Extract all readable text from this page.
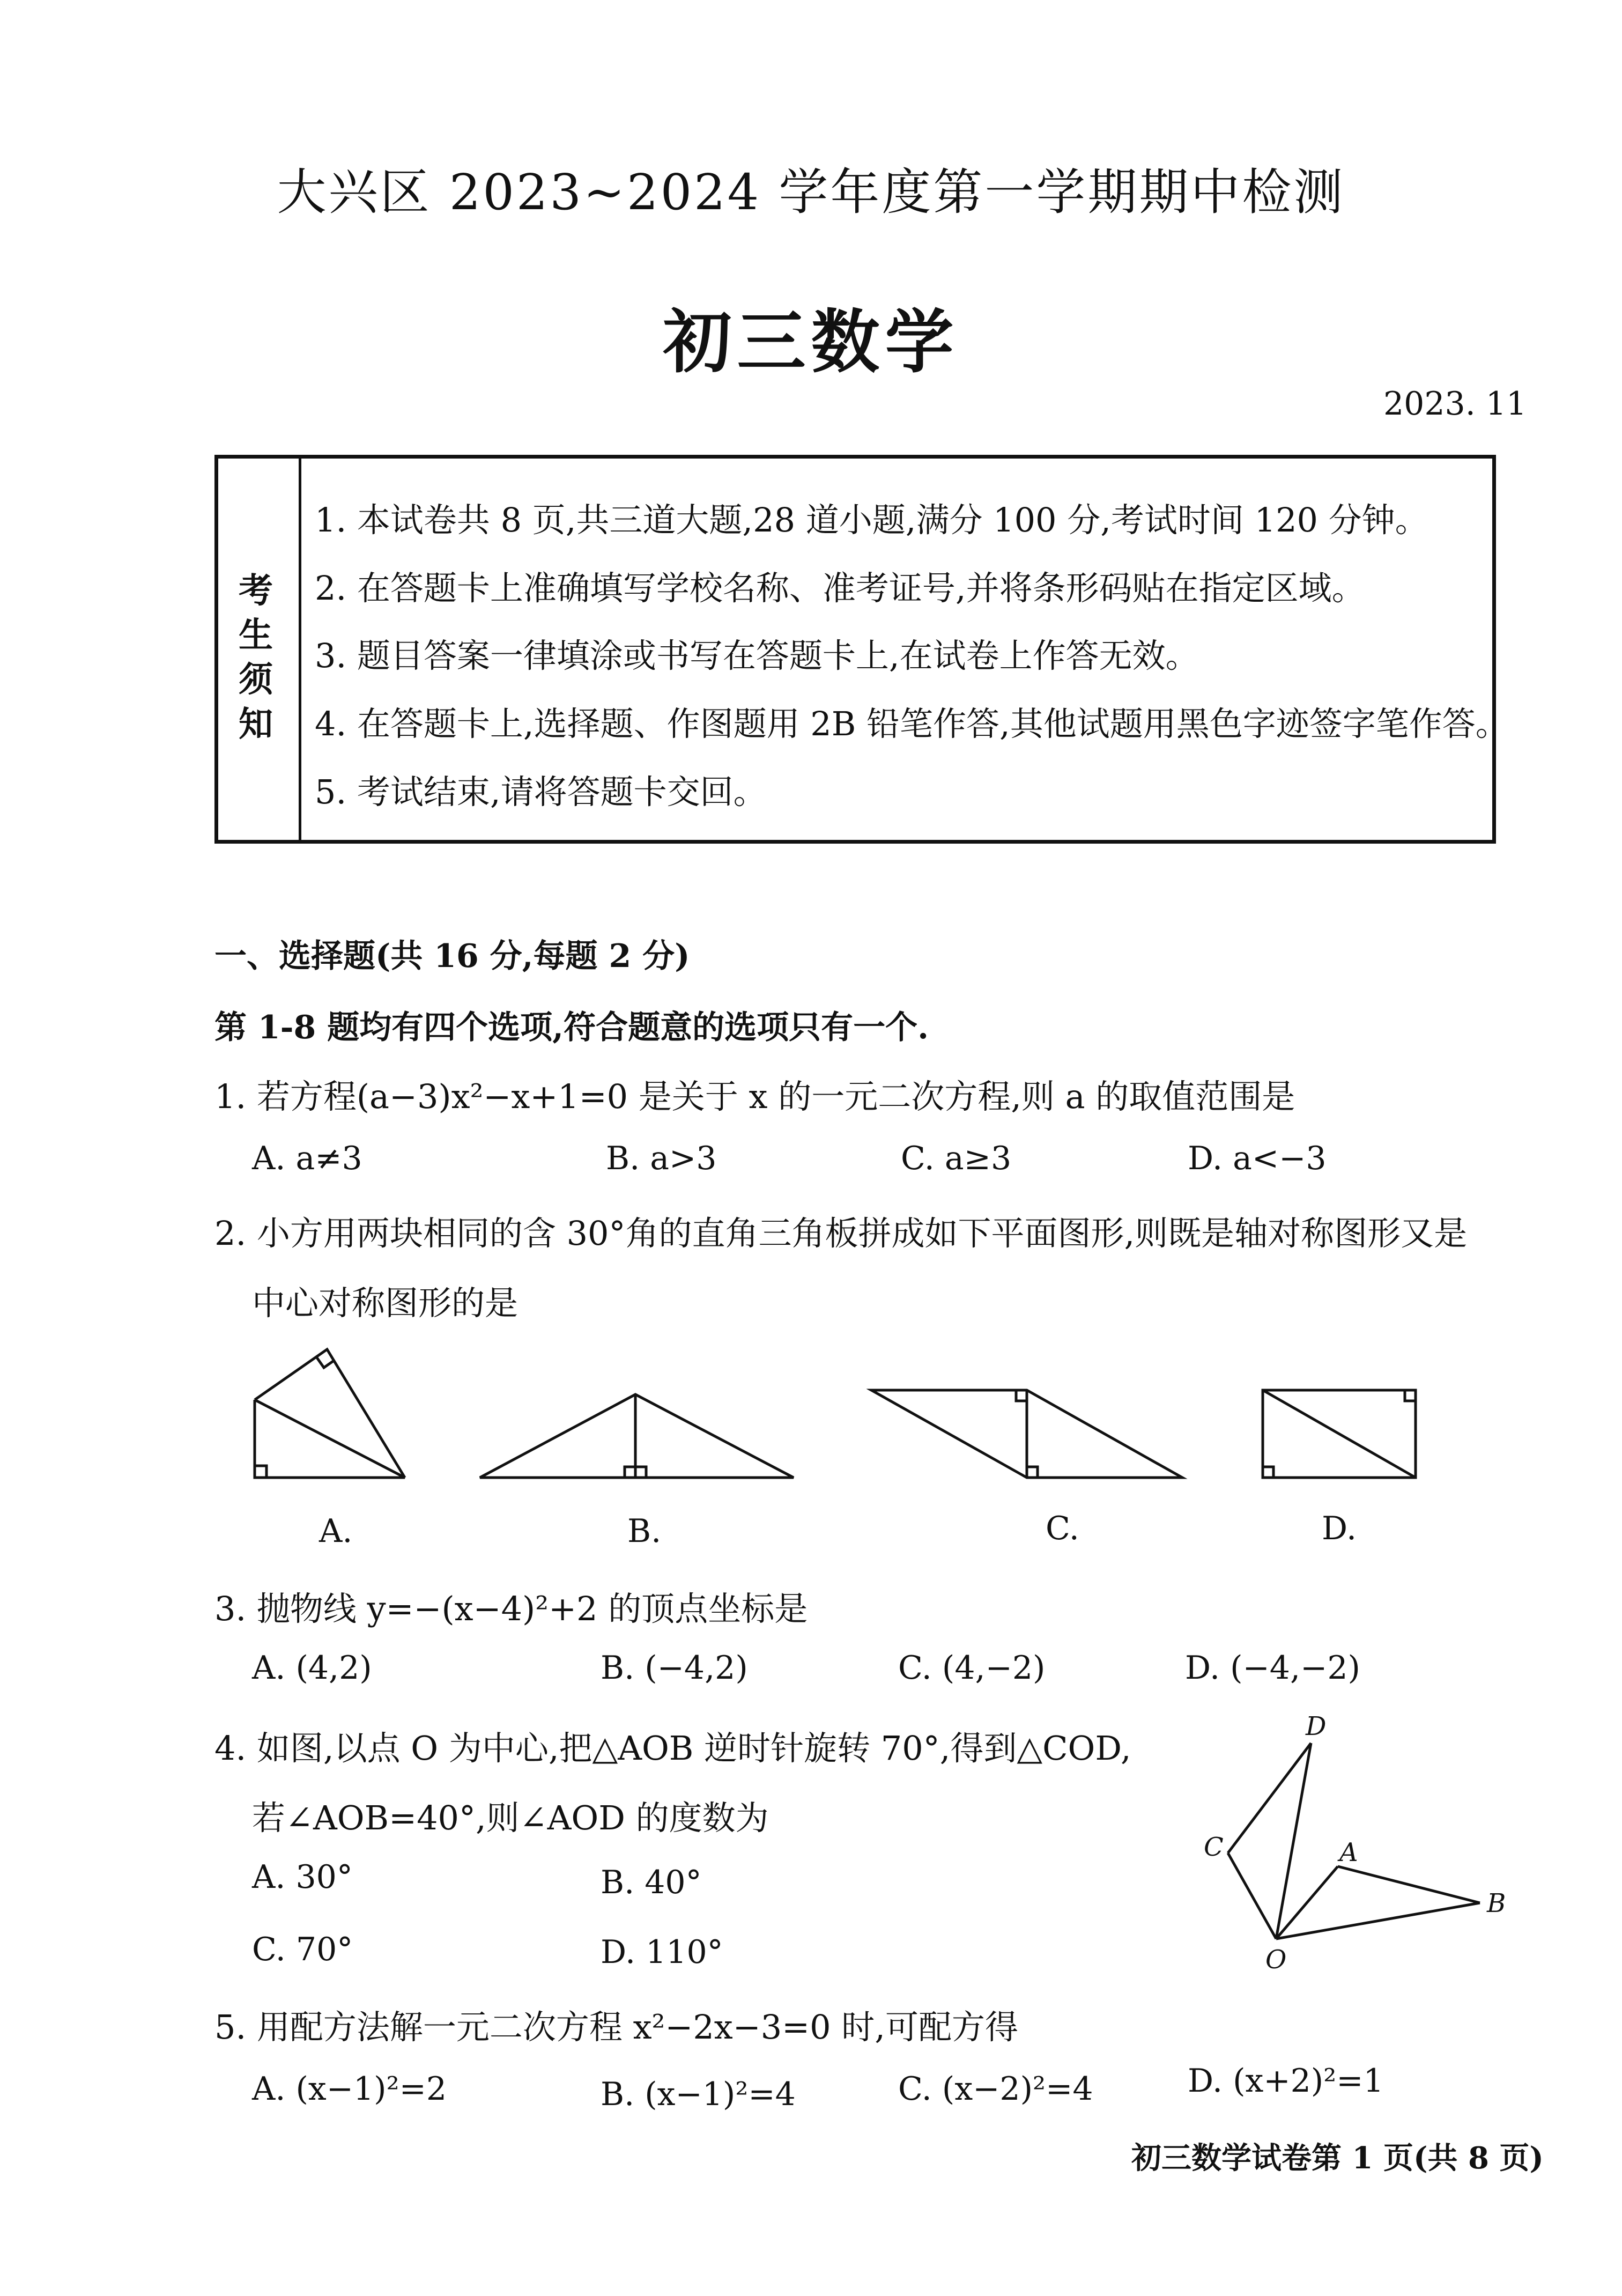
大兴区 2023~2024 学年度第一学期期中检测
初三数学
2023. 11
考
生
须
知
1. 本试卷共 8 页,共三道大题,28 道小题,满分 100 分,考试时间 120 分钟。
2. 在答题卡上准确填写学校名称、准考证号,并将条形码贴在指定区域。
3. 题目答案一律填涂或书写在答题卡上,在试卷上作答无效。
4. 在答题卡上,选择题、作图题用 2B 铅笔作答,其他试题用黑色字迹签字笔作答。
5. 考试结束,请将答题卡交回。
一、选择题(共 16 分,每题 2 分)
第 1-8 题均有四个选项,符合题意的选项只有一个.
1. 若方程(a−3)x²−x+1=0 是关于 x 的一元二次方程,则 a 的取值范围是
A. a≠3	B. a>3	C. a≥3	D. a<−3
2. 小方用两块相同的含 30°角的直角三角板拼成如下平面图形,则既是轴对称图形又是
中心对称图形的是
A.	B.	C.	D.
3. 抛物线 y=−(x−4)²+2 的顶点坐标是
A. (4,2)	B. (−4,2)	C. (4,−2)	D. (−4,−2)
4. 如图,以点 O 为中心,把△AOB 逆时针旋转 70°,得到△COD,
若∠AOB=40°,则∠AOD 的度数为
A. 30°	B. 40°
C. 70°	D. 110°
D
C	A
B
O
5. 用配方法解一元二次方程 x²−2x−3=0 时,可配方得
A. (x−1)²=2	B. (x−1)²=4	C. (x−2)²=4	D. (x+2)²=1
初三数学试卷第 1 页(共 8 页)
